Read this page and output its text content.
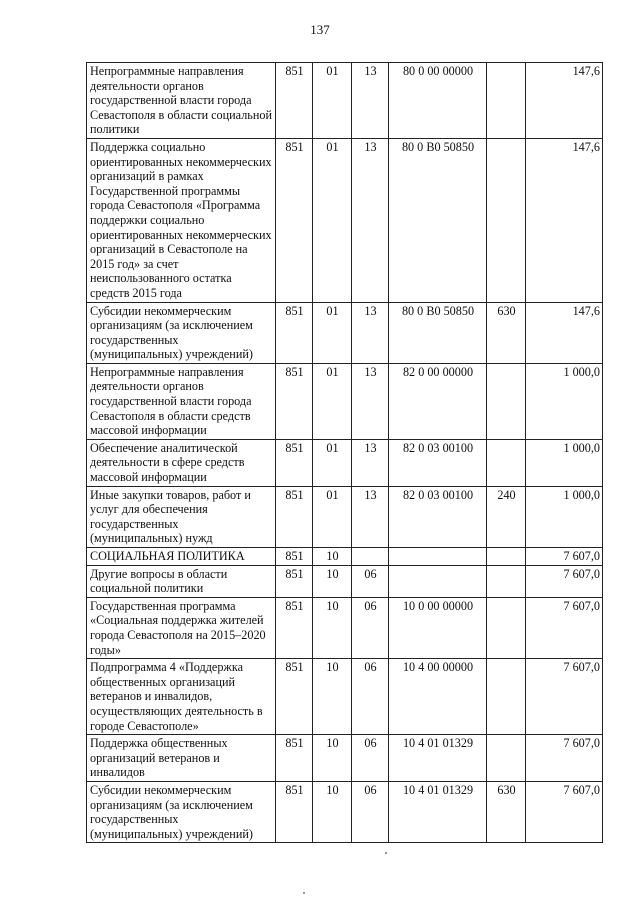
137
Непрограммные направления деятельности органов государственной власти города Севастополя в области социальной политики	851	01	13	80 0 00 00000		147,6
Поддержка социально ориентированных некоммерческих организаций в рамках Государственной программы города Севастополя «Программа поддержки социально ориентированных некоммерческих организаций в Севастополе на 2015 год» за счет неиспользованного остатка средств 2015 года	851	01	13	80 0 B0 50850		147,6
Субсидии некоммерческим организациям (за исключением государственных (муниципальных) учреждений)	851	01	13	80 0 B0 50850	630	147,6
Непрограммные направления деятельности органов государственной власти города Севастополя в области средств массовой информации	851	01	13	82 0 00 00000		1 000,0
Обеспечение аналитической деятельности в сфере средств массовой информации	851	01	13	82 0 03 00100		1 000,0
Иные закупки товаров, работ и услуг для обеспечения государственных (муниципальных) нужд	851	01	13	82 0 03 00100	240	1 000,0
СОЦИАЛЬНАЯ ПОЛИТИКА	851	10				7 607,0
Другие вопросы в области социальной политики	851	10	06			7 607,0
Государственная программа «Социальная поддержка жителей города Севастополя на 2015–2020 годы»	851	10	06	10 0 00 00000		7 607,0
Подпрограмма 4 «Поддержка общественных организаций ветеранов и инвалидов, осуществляющих деятельность в городе Севастополе»	851	10	06	10 4 00 00000		7 607,0
Поддержка общественных организаций ветеранов и инвалидов	851	10	06	10 4 01 01329		7 607,0
Субсидии некоммерческим организациям (за исключением государственных (муниципальных) учреждений)	851	10	06	10 4 01 01329	630	7 607,0
